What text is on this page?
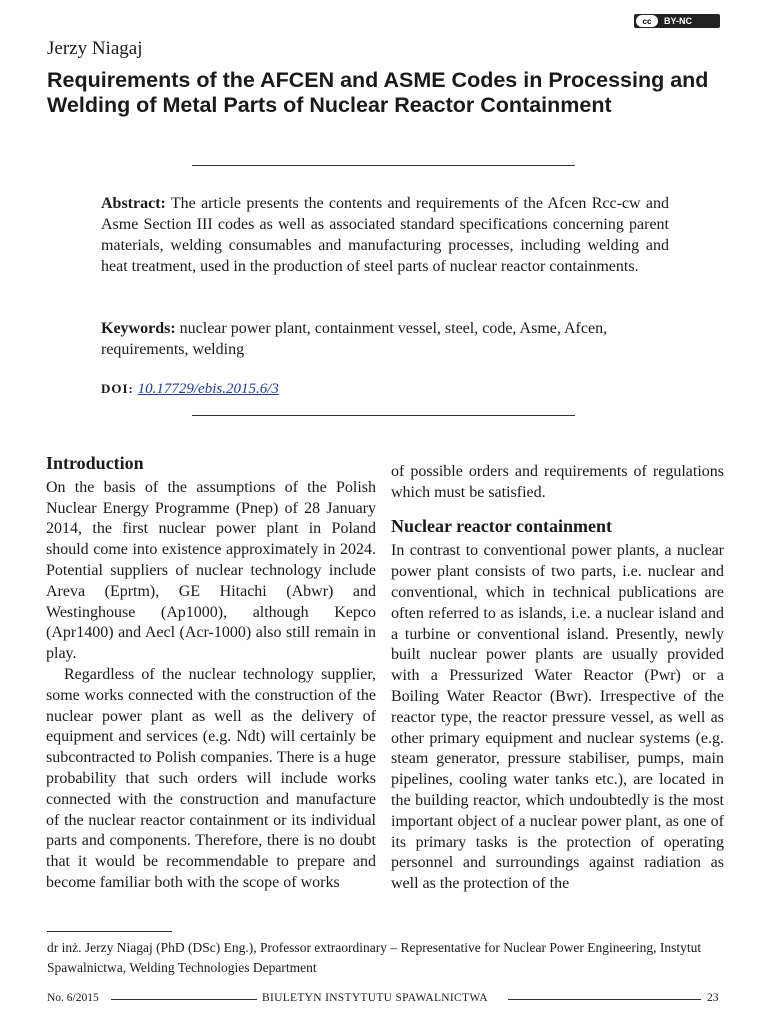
cc	BY-NC
Jerzy Niagaj
Requirements of the AFCEN and ASME Codes in Processing and Welding of Metal Parts of Nuclear Reactor Containment
Abstract: The article presents the contents and requirements of the Afcen Rcc-cw and Asme Section III codes as well as associated standard specifications concerning parent materials, welding consumables and manufacturing processes, including welding and heat treatment, used in the production of steel parts of nuclear reactor containments.
Keywords: nuclear power plant, containment vessel, steel, code, Asme, Afcen, requirements, welding
DOI: 10.17729/ebis.2015.6/3
Introduction

On the basis of the assumptions of the Polish Nuclear Energy Programme (Pnep) of 28 January 2014, the first nuclear power plant in Poland should come into existence approximately in 2024. Potential suppliers of nuclear technology include Areva (Eprtm), GE Hitachi (Abwr) and Westinghouse (Ap1000), although Kepco (Apr1400) and Aecl (Acr-1000) also still remain in play.

Regardless of the nuclear technology supplier, some works connected with the construction of the nuclear power plant as well as the delivery of equipment and services (e.g. Ndt) will certainly be subcontracted to Polish companies. There is a huge probability that such orders will include works connected with the construction and manufacture of the nuclear reactor containment or its individual parts and components. Therefore, there is no doubt that it would be recommendable to prepare and become familiar both with the scope of works

of possible orders and requirements of regulations which must be satisfied.

Nuclear reactor containment

In contrast to conventional power plants, a nuclear power plant consists of two parts, i.e. nuclear and conventional, which in technical publications are often referred to as islands, i.e. a nuclear island and a turbine or conventional island. Presently, newly built nuclear power plants are usually provided with a Pressurized Water Reactor (Pwr) or a Boiling Water Reactor (Bwr). Irrespective of the reactor type, the reactor pressure vessel, as well as other primary equipment and nuclear systems (e.g. steam generator, pressure stabiliser, pumps, main pipelines, cooling water tanks etc.), are located in the building reactor, which undoubtedly is the most important object of a nuclear power plant, as one of its primary tasks is the protection of operating personnel and surroundings against radiation as well as the protection of the

dr inż. Jerzy Niagaj (PhD (DSc) Eng.), Professor extraordinary – Representative for Nuclear Power Engineering, Instytut Spawalnictwa, Welding Technologies Department
No. 6/2015	BIULETYN INSTYTUTU SPAWALNICTWA	23
